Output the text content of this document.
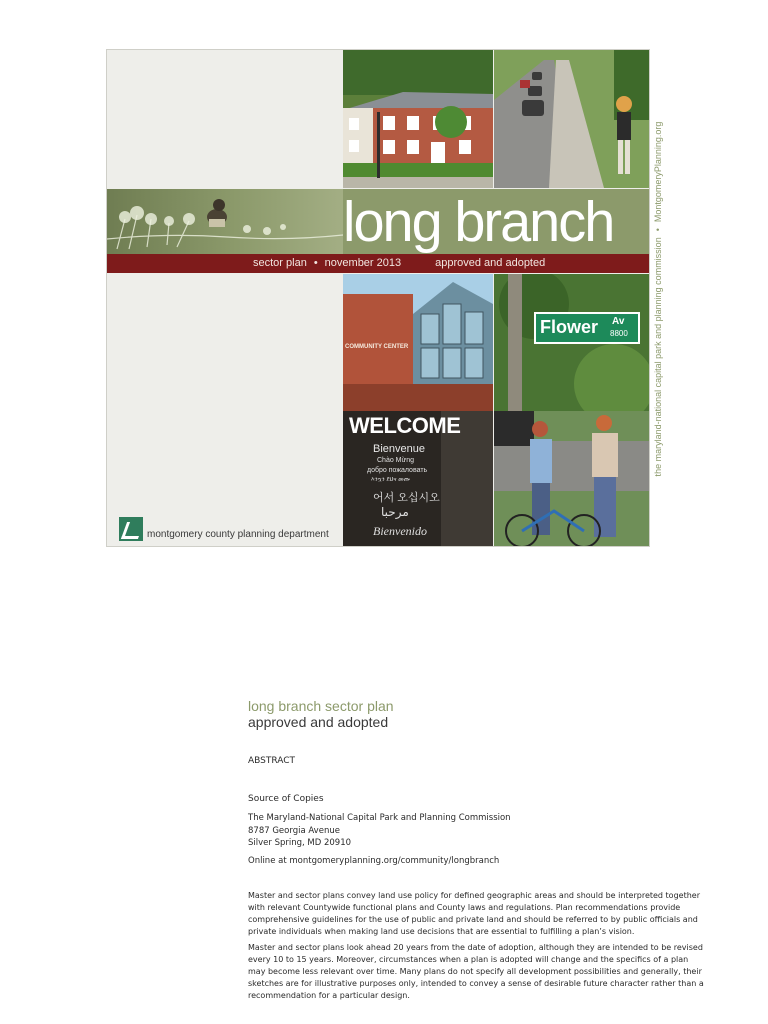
long branch
sector plan • november 2013	approved and adopted
COMMUNITY CENTER
Flower Av
8800
WELCOME
Bienvenue
Chào Mừng
добро пожаловать
እንኳን ደህና መጡ
어서 오십시오
مرحبا
Bienvenido
montgomery county planning department
the maryland-national capital park and planning commission•MontgomeryPlanning.org
long branch sector plan
approved and adopted
ABSTRACT
Source of Copies
The Maryland-National Capital Park and Planning Commission
8787 Georgia Avenue
Silver Spring, MD 20910
Online at montgomeryplanning.org/community/longbranch
Master and sector plans convey land use policy for defined geographic areas and should be interpreted together with relevant Countywide functional plans and County laws and regulations. Plan recommendations provide comprehensive guidelines for the use of public and private land and should be referred to by public officials and private individuals when making land use decisions that are essential to fulfilling a plan’s vision.
Master and sector plans look ahead 20 years from the date of adoption, although they are intended to be revised every 10 to 15 years. Moreover, circumstances when a plan is adopted will change and the specifics of a plan may become less relevant over time. Many plans do not specify all development possibilities and generally, their sketches are for illustrative purposes only, intended to convey a sense of desirable future character rather than a recommendation for a particular design.
